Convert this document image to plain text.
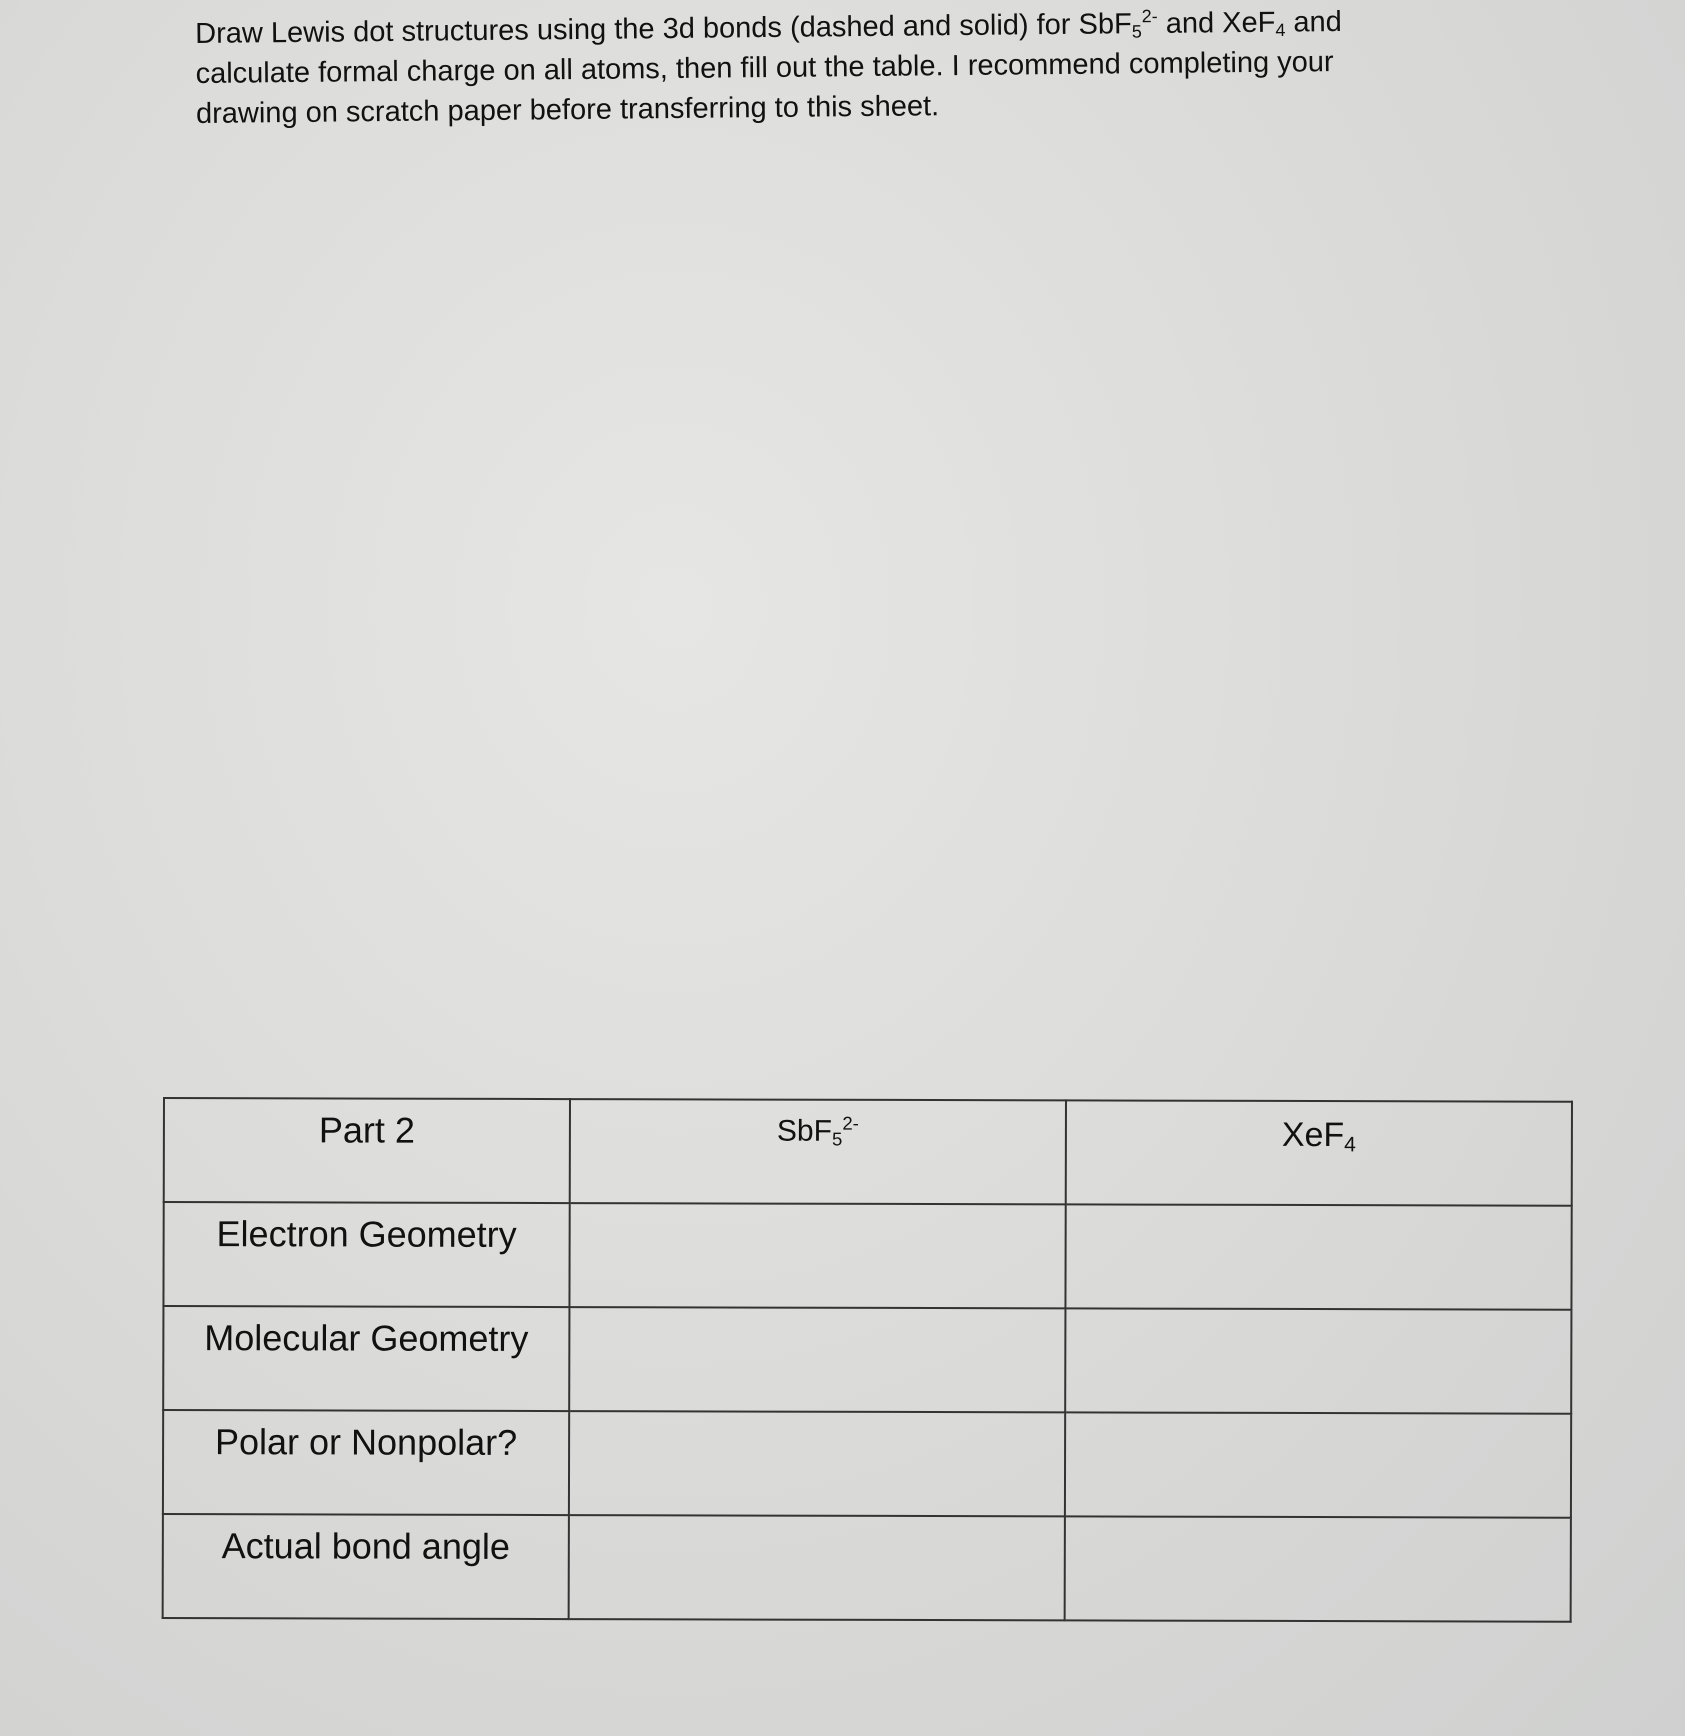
Draw Lewis dot structures using the 3d bonds (dashed and solid) for SbF$_5^{2-}$ and XeF$_4$ and

calculate formal charge on all atoms, then fill out the table. I recommend completing your

drawing on scratch paper before transferring to this sheet.

Part 2	SbF$_5^{2-}$	XeF$_4$
Electron Geometry		
Molecular Geometry		
Polar or Nonpolar?		
Actual bond angle		
